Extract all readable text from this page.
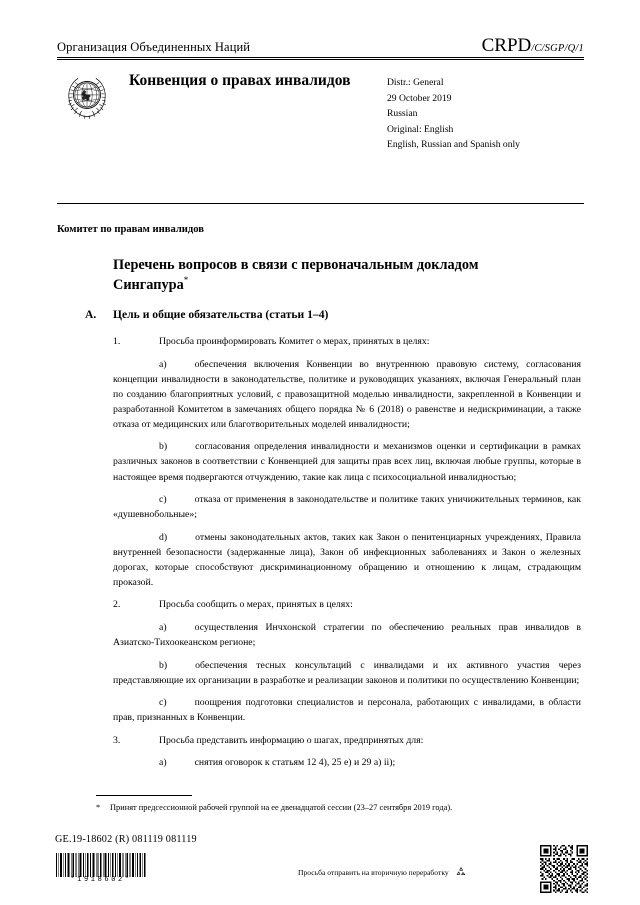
Организация Объединенных Наций	CRPD/C/SGP/Q/1
Конвенция о правах инвалидов	Distr.: General
29 October 2019
Russian
Original: English
English, Russian and Spanish only
Комитет по правам инвалидов
Перечень вопросов в связи с первоначальным докладом Сингапура*
A.	Цель и общие обязательства (статьи 1–4)

1.	Просьба проинформировать Комитет о мерах, принятых в целях:

a)	обеспечения включения Конвенции во внутреннюю правовую систему, согласования концепции инвалидности в законодательстве, политике и руководящих указаниях, включая Генеральный план по созданию благоприятных условий, с правозащитной моделью инвалидности, закрепленной в Конвенции и разработанной Комитетом в замечаниях общего порядка № 6 (2018) о равенстве и недискриминации, а также отказа от медицинских или благотворительных моделей инвалидности;

b)	согласования определения инвалидности и механизмов оценки и сертификации в рамках различных законов в соответствии с Конвенцией для защиты прав всех лиц, включая любые группы, которые в настоящее время подвергаются отчуждению, такие как лица с психосоциальной инвалидностью;

c)	отказа от применения в законодательстве и политике таких уничижительных терминов, как «душевнобольные»;

d)	отмены законодательных актов, таких как Закон о пенитенциарных учреждениях, Правила внутренней безопасности (задержанные лица), Закон об инфекционных заболеваниях и Закон о железных дорогах, которые способствуют дискриминационному обращению и отношению к лицам, страдающим проказой.

2.	Просьба сообщить о мерах, принятых в целях:

a)	осуществления Инчхонской стратегии по обеспечению реальных прав инвалидов в Азиатско-Тихоокеанском регионе;

b)	обеспечения тесных консультаций с инвалидами и их активного участия через представляющие их организации в разработке и реализации законов и политики по осуществлению Конвенции;

c)	поощрения подготовки специалистов и персонала, работающих с инвалидами, в области прав, признанных в Конвенции.

3.	Просьба представить информацию о шагах, предпринятых для:

a)	снятия оговорок к статьям 12 4), 25 e) и 29 a) ii);

*	Принят предсессионной рабочей группой на ее двенадцатой сессии (23–27 сентября 2019 года).
GE.19-18602 (R) 081119 081119
*1918602*
Просьба отправить на вторичную переработку
